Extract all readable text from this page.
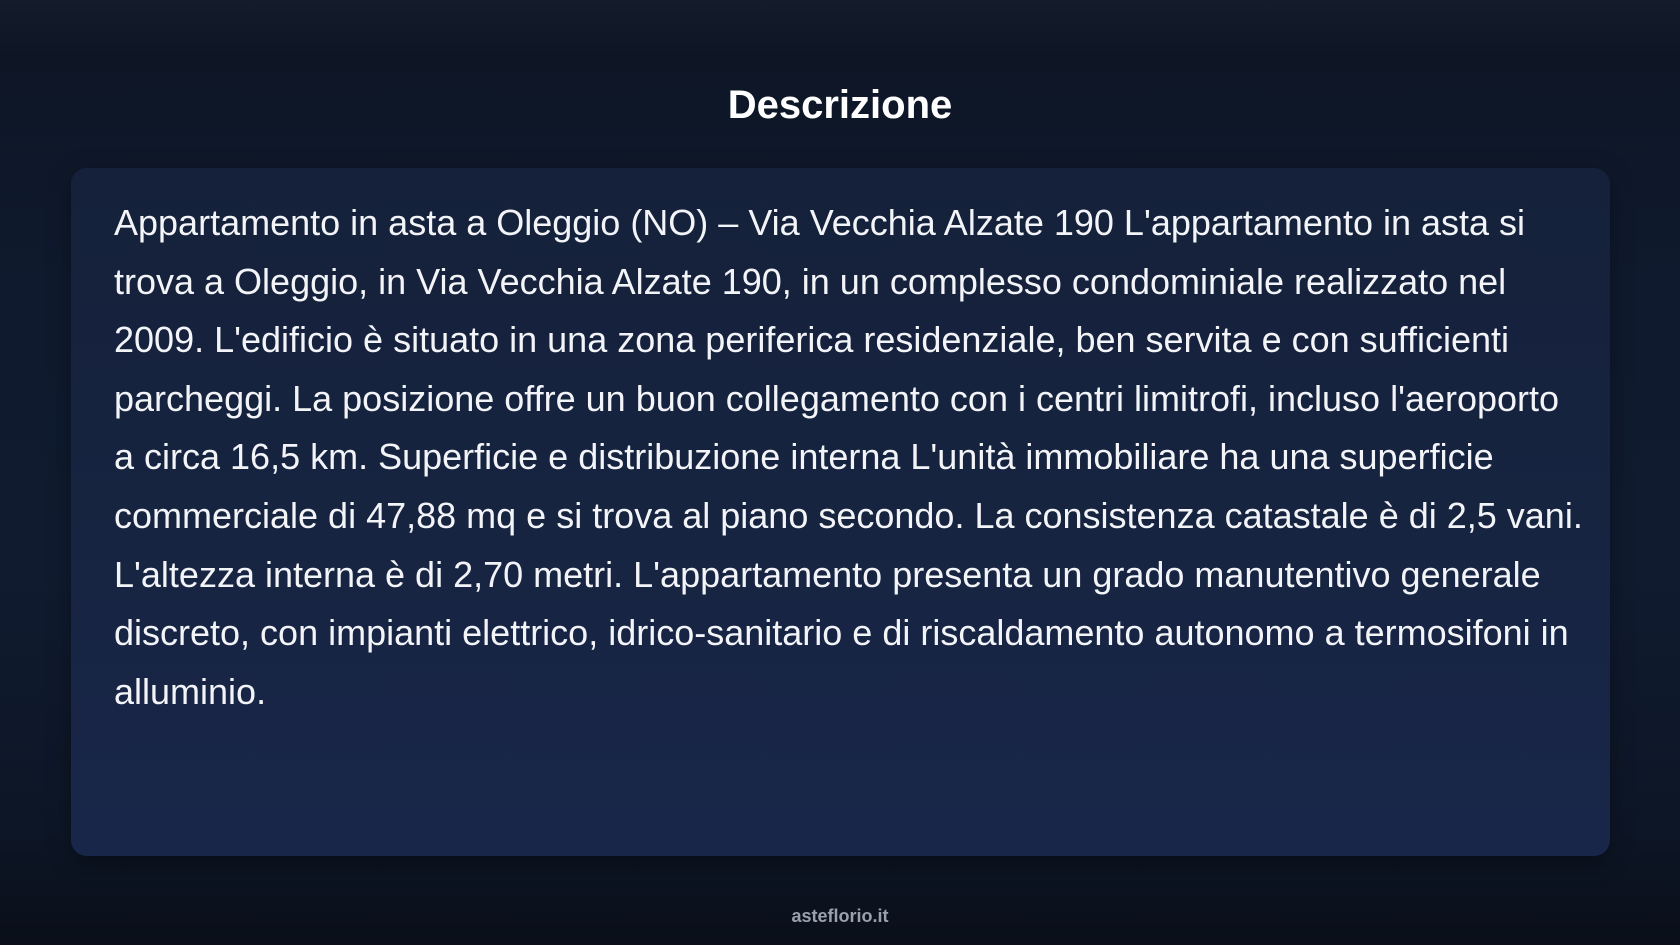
Descrizione

Appartamento in asta a Oleggio (NO) – Via Vecchia Alzate 190 L'appartamento in asta si trova a Oleggio, in Via Vecchia Alzate 190, in un complesso condominiale realizzato nel 2009. L'edificio è situato in una zona periferica residenziale, ben servita e con sufficienti parcheggi. La posizione offre un buon collegamento con i centri limitrofi, incluso l'aeroporto a circa 16,5 km. Superficie e distribuzione interna L'unità immobiliare ha una superficie commerciale di 47,88 mq e si trova al piano secondo. La consistenza catastale è di 2,5 vani. L'altezza interna è di 2,70 metri. L'appartamento presenta un grado manutentivo generale discreto, con impianti elettrico, idrico-sanitario e di riscaldamento autonomo a termosifoni in alluminio.

asteflorio.it
